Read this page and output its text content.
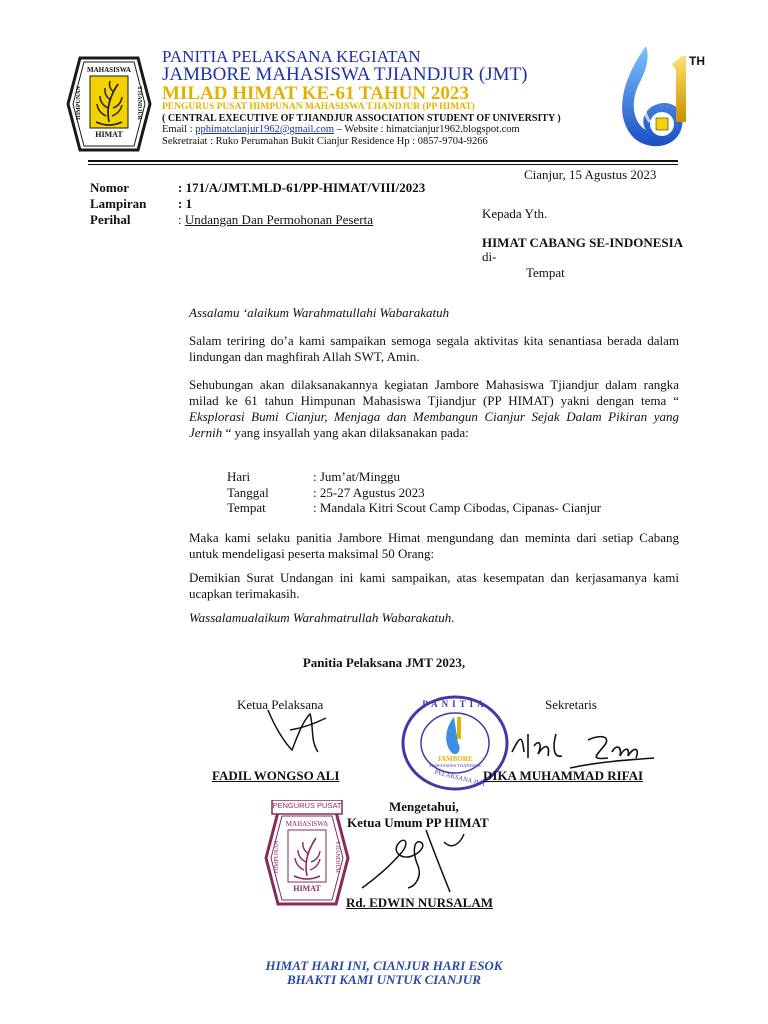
MAHASISWA
HIMAT
HIMPUNAN	TJIANDJUR
PANITIA PELAKSANA KEGIATAN
JAMBORE MAHASISWA TJIANDJUR (JMT)
MILAD HIMAT KE-61 TAHUN 2023
PENGURUS PUSAT HIMPUNAN MAHASISWA TJIANDJUR (PP HIMAT)
( CENTRAL EXECUTIVE OF TJIANDJUR ASSOCIATION STUDENT OF UNIVERSITY )
Email : pphimatcianjur1962@gmail.com – Website : himatcianjur1962.blogspot.com
Sekretraiat : Ruko Perumahan Bukit Cianjur Residence Hp : 0857-9704-9266
TH
Cianjur, 15 Agustus 2023
Nomor	: 171/A/JMT.MLD-61/PP-HIMAT/VIII/2023
Lampiran : 1
Perihal	: Undangan Dan Permohonan Peserta	Kepada Yth.
HIMAT CABANG SE-INDONESIA
di-
Tempat
Assalamu ‘alaikum Warahmatullahi Wabarakatuh
Salam teriring do’a kami sampaikan semoga segala aktivitas kita senantiasa berada dalam lindungan dan maghfirah Allah SWT, Amin.
Sehubungan akan dilaksanakannya kegiatan Jambore Mahasiswa Tjiandjur dalam rangka milad ke 61 tahun Himpunan Mahasiswa Tjiandjur (PP HIMAT) yakni dengan tema “ Eksplorasi Bumi Cianjur, Menjaga dan Membangun Cianjur Sejak Dalam Pikiran yang Jernih “ yang insyallah yang akan dilaksanakan pada:
Hari	: Jum’at/Minggu
Tanggal	: 25-27 Agustus 2023
Tempat	: Mandala Kitri Scout Camp Cibodas, Cipanas- Cianjur
Maka kami selaku panitia Jambore Himat mengundang dan meminta dari setiap Cabang untuk mendeligasi peserta maksimal 50 Orang:
Demikian Surat Undangan ini kami sampaikan, atas kesempatan dan kerjasamanya kami ucapkan terimakasih.
Wassalamualaikum Warahmatrullah Wabarakatuh.
Panitia Pelaksana JMT 2023,
Ketua Pelaksana	Sekretaris
PANITIA
JAMBORE
MAHASISWA TJIANDJUR
PELAKSANA JMT
FADIL WONGSO ALI	DIKA MUHAMMAD RIFAI
Mengetahui,
Ketua Umum PP HIMAT
PENGURUS PUSAT
MAHASISWA
HIMAT
HIMPUNAN	TJIANDJUR
Rd. EDWIN NURSALAM
HIMAT HARI INI, CIANJUR HARI ESOK
BHAKTI KAMI UNTUK CIANJUR
